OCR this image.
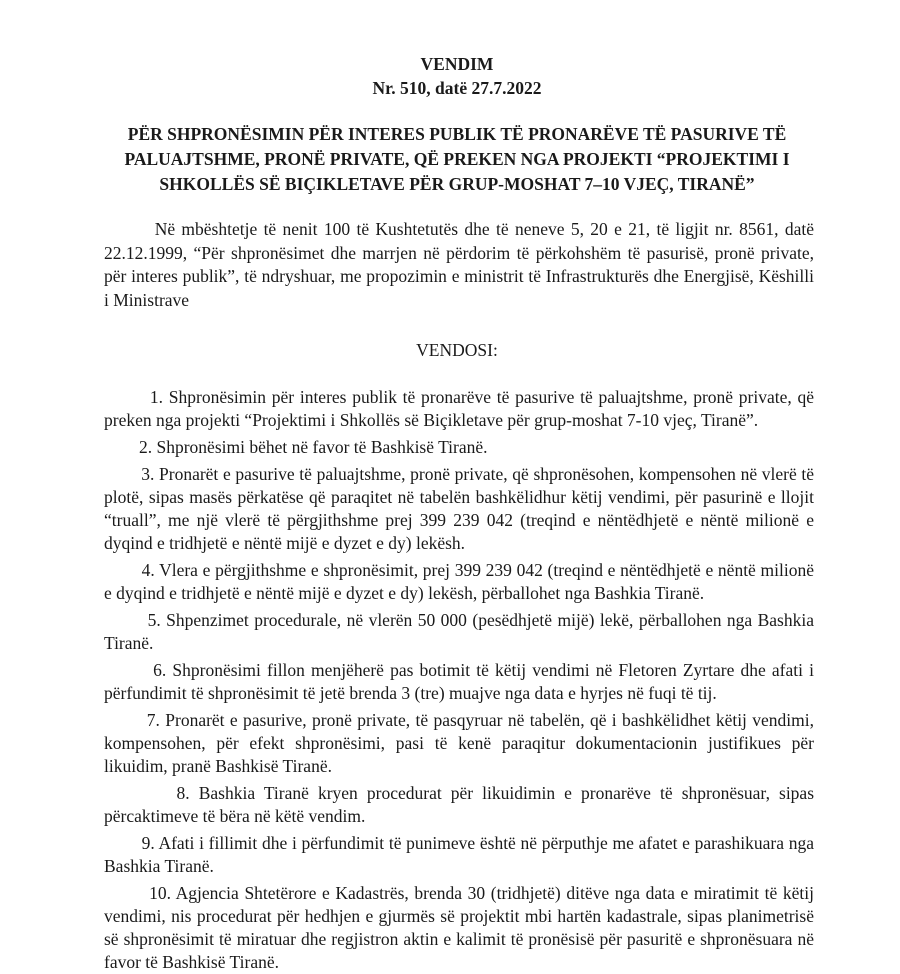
VENDIM
Nr. 510, datë 27.7.2022
PËR SHPRONËSIMIN PËR INTERES PUBLIK TË PRONARËVE TË PASURIVE TË PALUAJTSHME, PRONË PRIVATE, QË PREKEN NGA PROJEKTI “PROJEKTIMI I SHKOLLËS SË BIÇIKLETAVE PËR GRUP-MOSHAT 7–10 VJEÇ, TIRANË”

Në mbështetje të nenit 100 të Kushtetutës dhe të neneve 5, 20 e 21, të ligjit nr. 8561, datë 22.12.1999, “Për shpronësimet dhe marrjen në përdorim të përkohshëm të pasurisë, pronë private, për interes publik”, të ndryshuar, me propozimin e ministrit të Infrastrukturës dhe Energjisë, Këshilli i Ministrave

VENDOSI:

1. Shpronësimin për interes publik të pronarëve të pasurive të paluajtshme, pronë private, që preken nga projekti “Projektimi i Shkollës së Biçikletave për grup-moshat 7-10 vjeç, Tiranë”.

2. Shpronësimi bëhet në favor të Bashkisë Tiranë.

3. Pronarët e pasurive të paluajtshme, pronë private, që shpronësohen, kompensohen në vlerë të plotë, sipas masës përkatëse që paraqitet në tabelën bashkëlidhur këtij vendimi, për pasurinë e llojit “truall”, me një vlerë të përgjithshme prej 399 239 042 (treqind e nëntëdhjetë e nëntë milionë e dyqind e tridhjetë e nëntë mijë e dyzet e dy) lekësh.

4. Vlera e përgjithshme e shpronësimit, prej 399 239 042 (treqind e nëntëdhjetë e nëntë milionë e dyqind e tridhjetë e nëntë mijë e dyzet e dy) lekësh, përballohet nga Bashkia Tiranë.

5. Shpenzimet procedurale, në vlerën 50 000 (pesëdhjetë mijë) lekë, përballohen nga Bashkia Tiranë.

6. Shpronësimi fillon menjëherë pas botimit të këtij vendimi në Fletoren Zyrtare dhe afati i përfundimit të shpronësimit të jetë brenda 3 (tre) muajve nga data e hyrjes në fuqi të tij.

7. Pronarët e pasurive, pronë private, të pasqyruar në tabelën, që i bashkëlidhet këtij vendimi, kompensohen, për efekt shpronësimi, pasi të kenë paraqitur dokumentacionin justifikues për likuidim, pranë Bashkisë Tiranë.

8. Bashkia Tiranë kryen procedurat për likuidimin e pronarëve të shpronësuar, sipas përcaktimeve të bëra në këtë vendim.

9. Afati i fillimit dhe i përfundimit të punimeve është në përputhje me afatet e parashikuara nga Bashkia Tiranë.

10. Agjencia Shtetërore e Kadastrës, brenda 30 (tridhjetë) ditëve nga data e miratimit të këtij vendimi, nis procedurat për hedhjen e gjurmës së projektit mbi hartën kadastrale, sipas planimetrisë së shpronësimit të miratuar dhe regjistron aktin e kalimit të pronësisë për pasuritë e shpronësuara në favor të Bashkisë Tiranë.
